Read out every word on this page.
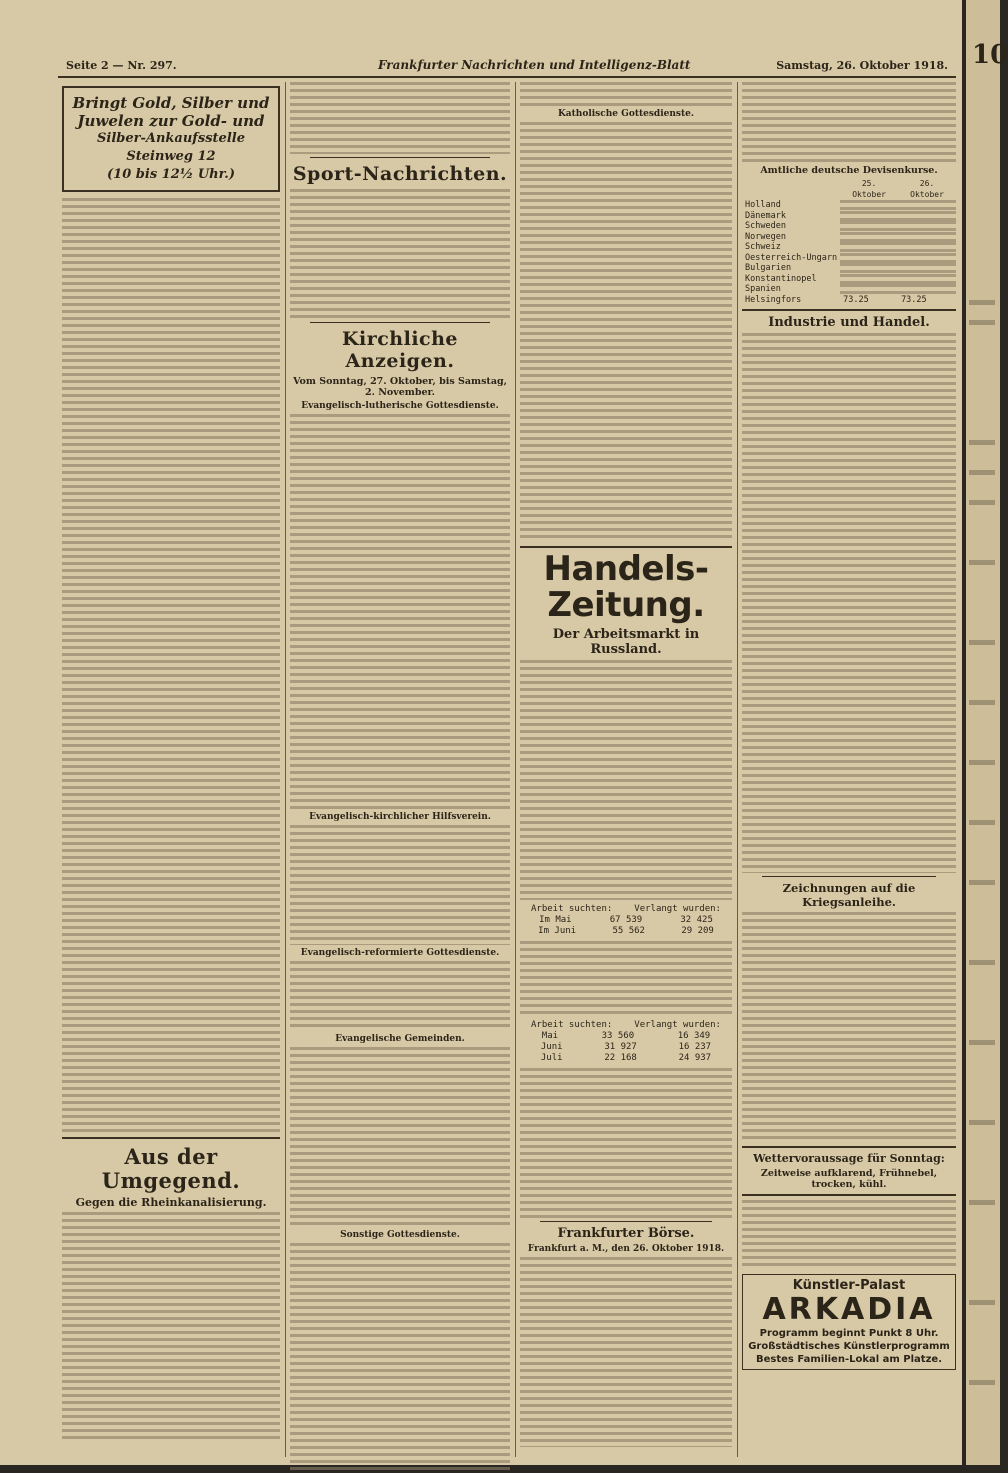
Seite 2 — Nr. 297.	Frankfurter Nachrichten und Intelligenz-Blatt	Samstag, 26. Oktober 1918.
Bringt Gold, Silber und
Juwelen zur Gold- und
Silber-Ankaufsstelle Steinweg 12
(10 bis 12½ Uhr.)
Aus der Umgegend.
Gegen die Rheinkanalisierung.
Sport-Nachrichten.
Kirchliche Anzeigen.
Vom Sonntag, 27. Oktober, bis Samstag, 2. November.
Evangelisch-lutherische Gottesdienste.
Evangelisch-kirchlicher Hilfsverein.
Evangelisch-reformierte Gottesdienste.
Evangelische Gemeinden.
Sonstige Gottesdienste.
Katholische Gottesdienste.
Handels-Zeitung.
Der Arbeitsmarkt in Russland.
Arbeit suchten: Verlangt wurden:
Im Mai	67 539	32 425
Im Juni	55 562	29 209
Arbeit suchten: Verlangt wurden:
Mai	33 560	16 349
Juni	31 927	16 237
Juli	22 168	24 937
Frankfurter Börse.
Frankfurt a. M., den 26. Oktober 1918.
Amtliche deutsche Devisenkurse.
	25. Oktober	26. Oktober
Holland		
Dänemark		
Schweden		
Norwegen		
Schweiz		
Oesterreich-Ungarn		
Bulgarien		
Konstantinopel		
Spanien		
Helsingfors	73.25	73.25
Industrie und Handel.
Zeichnungen auf die Kriegsanleihe.
Wettervoraussage für Sonntag:
Zeitweise aufklarend, Frühnebel, trocken, kühl.
Künstler-Palast
ARKADIA
Programm beginnt Punkt 8 Uhr.
Großstädtisches Künstlerprogramm
Bestes Familien-Lokal am Platze.
10
